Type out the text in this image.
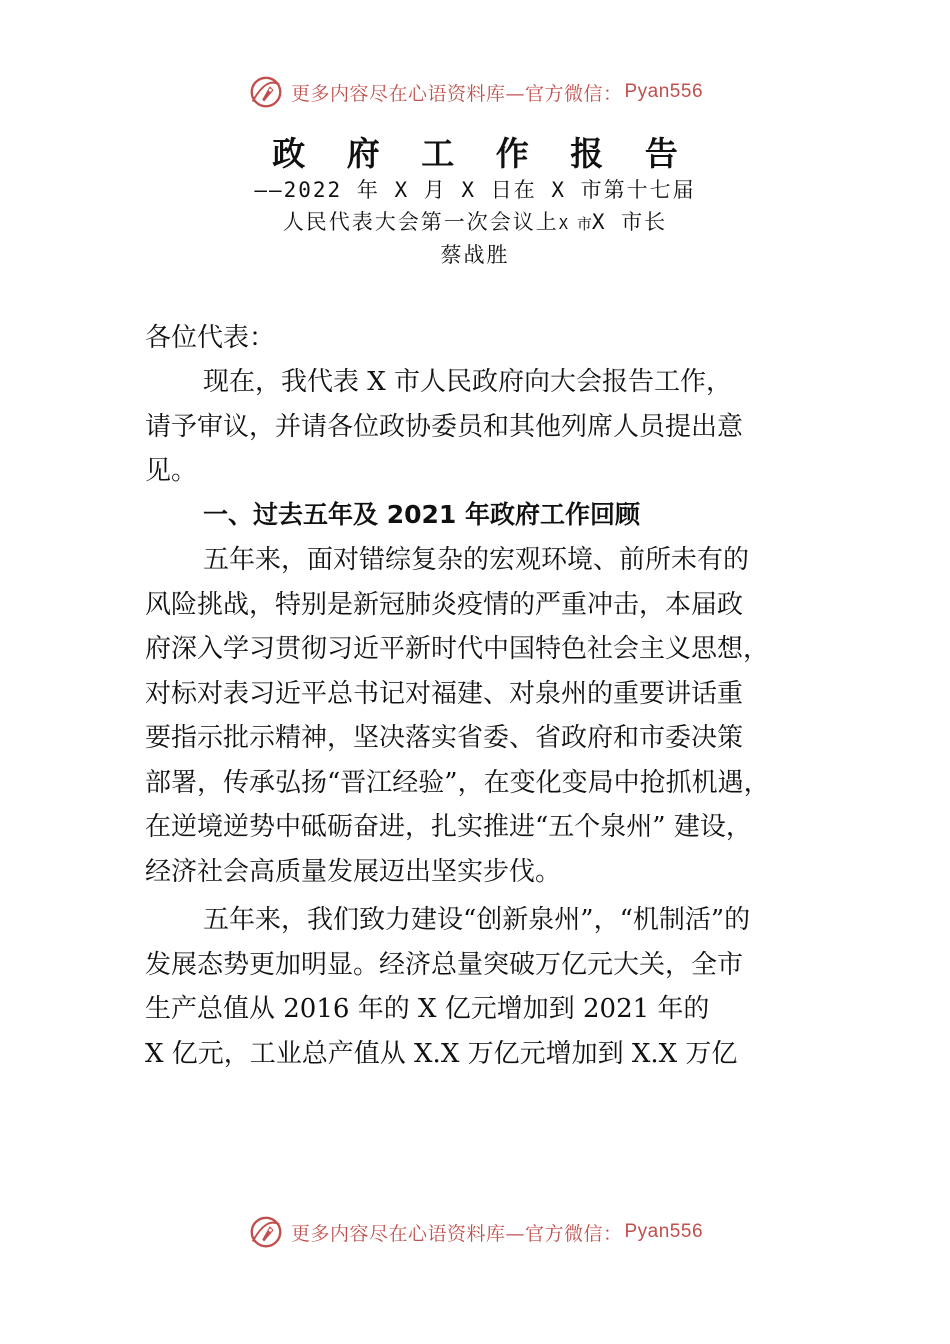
更多内容尽在心语资料库—官方微信： Pyan556
政 府 工 作 报 告
——2022 年 X 月 X 日在 X 市第十七届
人民代表大会第一次会议上X 市X 市长
蔡战胜
各位代表：
现在，我代表 X 市人民政府向大会报告工作，
请予审议，并请各位政协委员和其他列席人员提出意
见。
一、过去五年及 2021 年政府工作回顾
五年来，面对错综复杂的宏观环境、前所未有的
风险挑战，特别是新冠肺炎疫情的严重冲击，本届政
府深入学习贯彻习近平新时代中国特色社会主义思想，
对标对表习近平总书记对福建、对泉州的重要讲话重
要指示批示精神，坚决落实省委、省政府和市委决策
部署，传承弘扬“晋江经验”，在变化变局中抢抓机遇，
在逆境逆势中砥砺奋进，扎实推进“五个泉州” 建设，
经济社会高质量发展迈出坚实步伐。
五年来，我们致力建设“创新泉州”，“机制活”的
发展态势更加明显。经济总量突破万亿元大关，全市
生产总值从 2016 年的 X 亿元增加到 2021 年的
X 亿元，工业总产值从 X.X 万亿元增加到 X.X 万亿
更多内容尽在心语资料库—官方微信： Pyan556
